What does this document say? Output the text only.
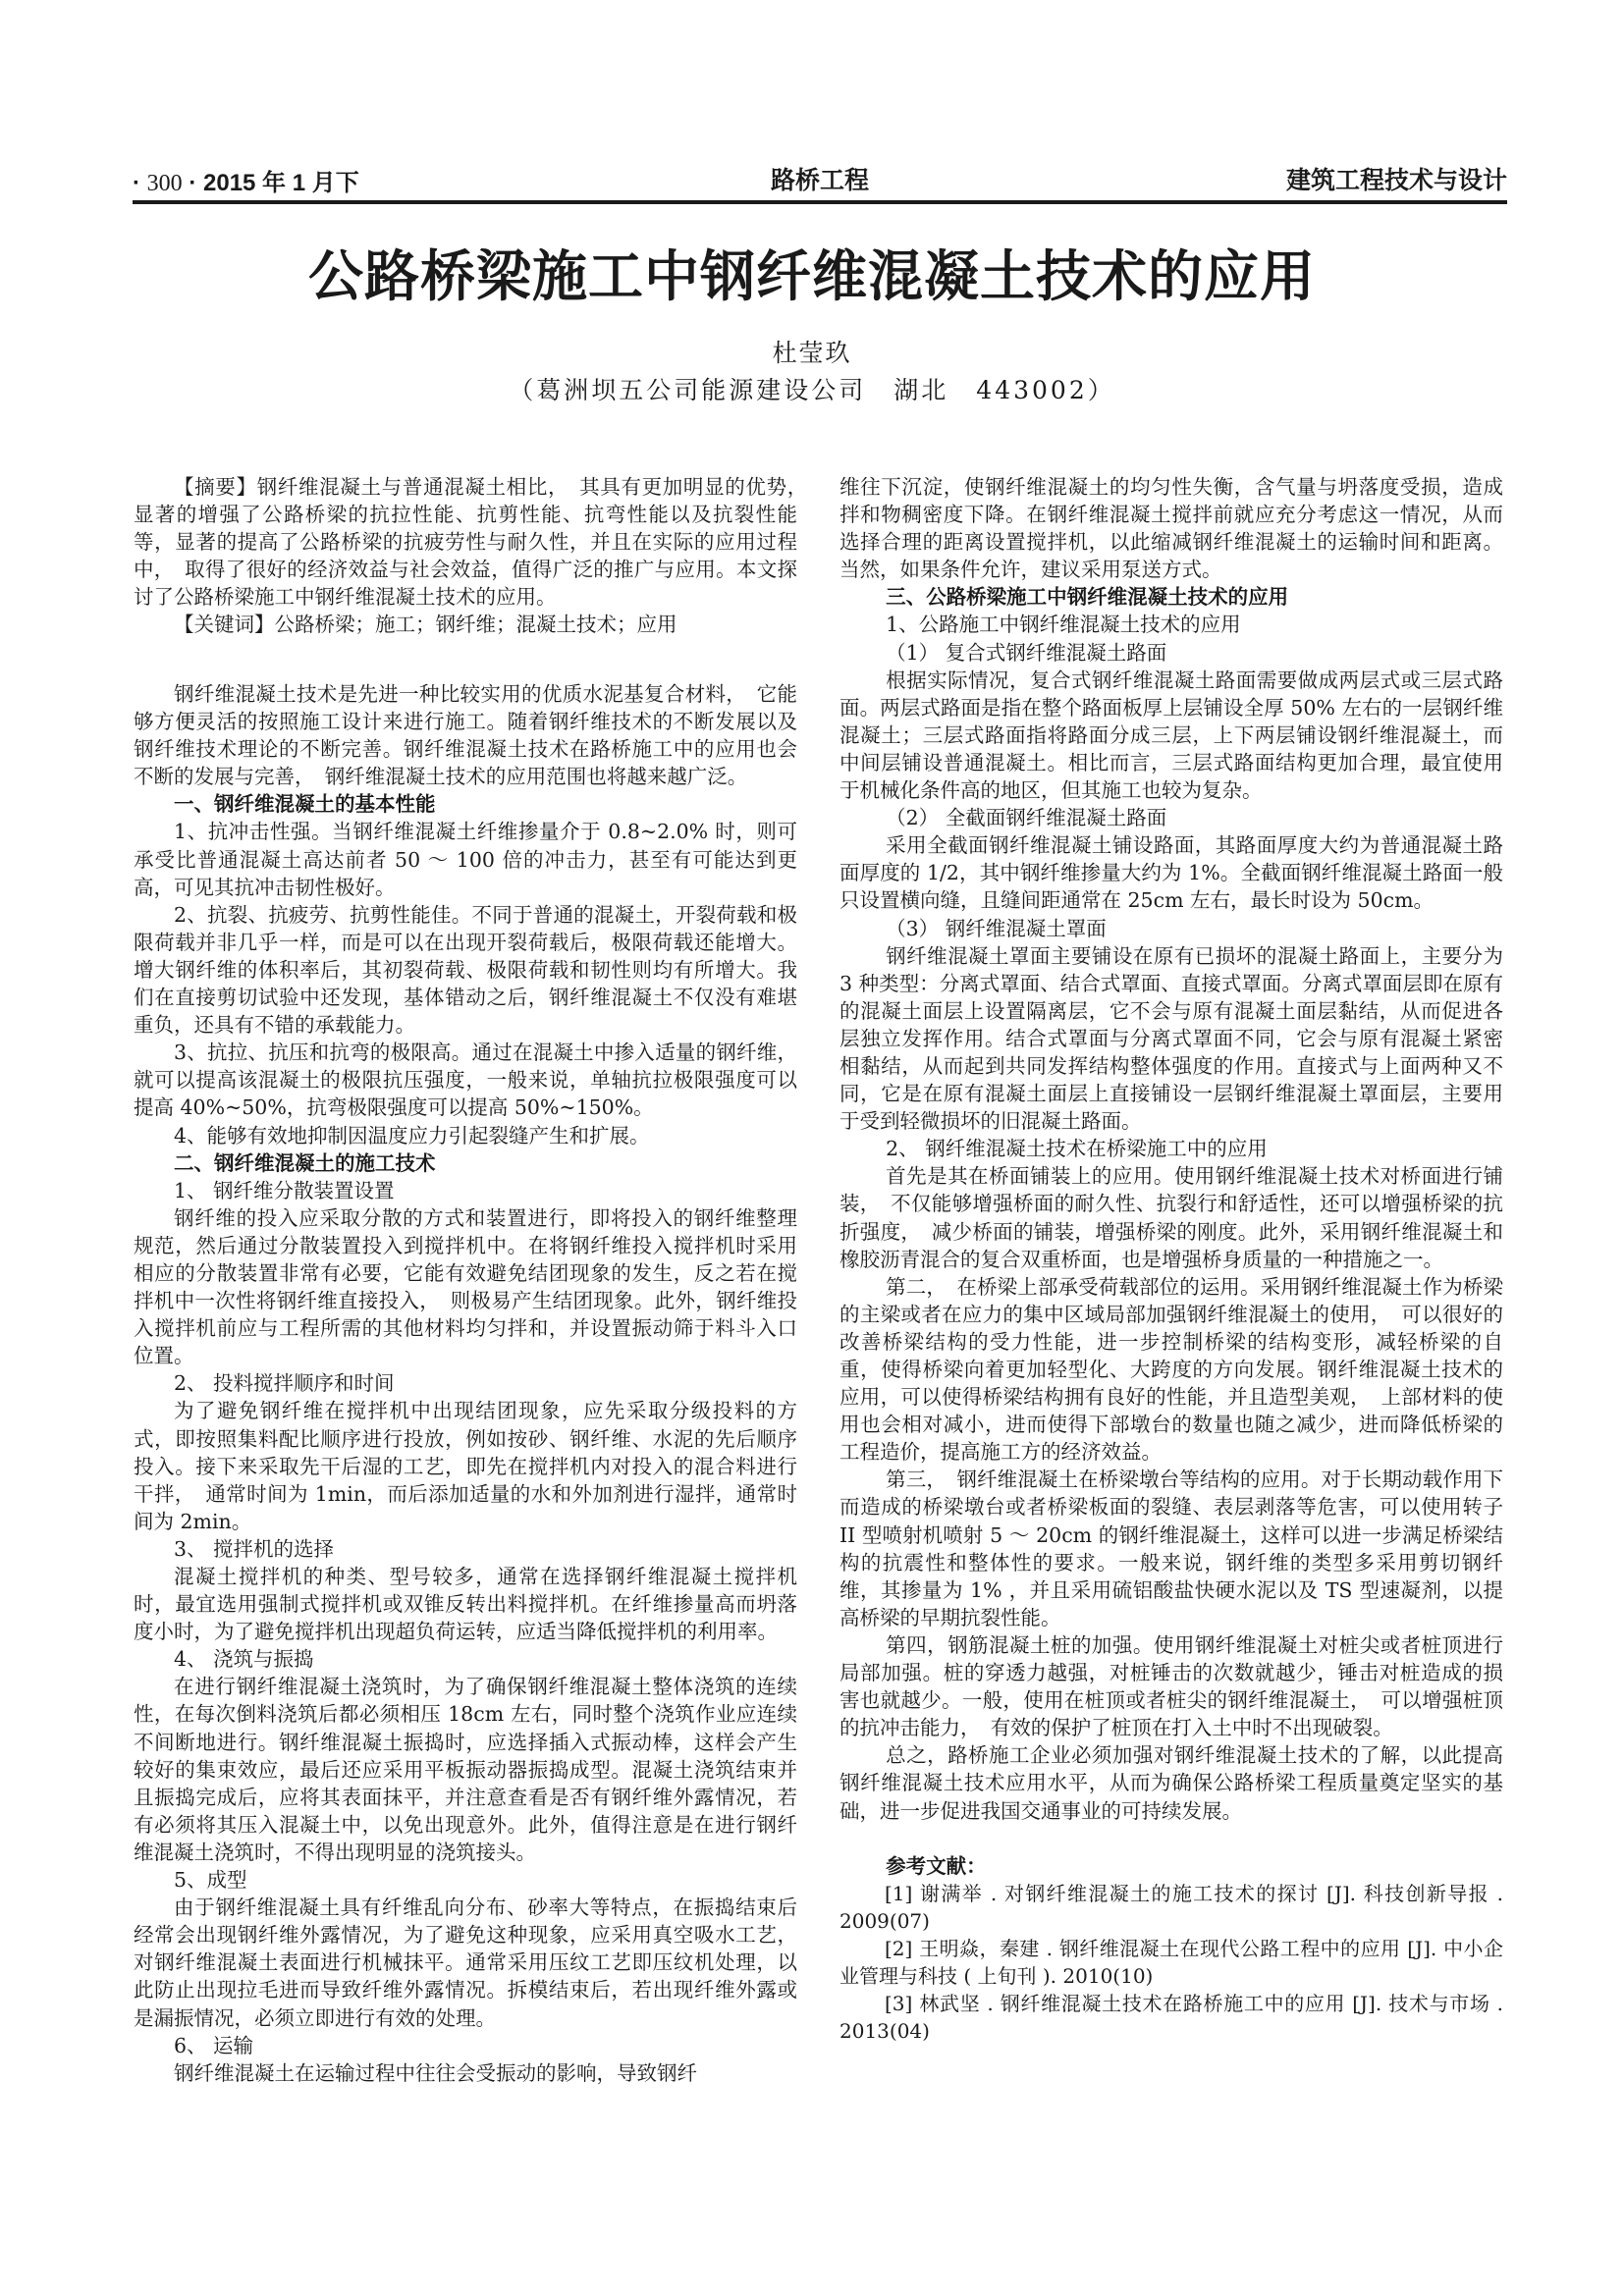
· 300 · 2015 年 1 月下	路桥工程	建筑工程技术与设计
公路桥梁施工中钢纤维混凝土技术的应用
杜莹玖
（葛洲坝五公司能源建设公司 湖北 443002）

【摘要】钢纤维混凝土与普通混凝土相比，　其具有更加明显的优势，　显著的增强了公路桥梁的抗拉性能、抗剪性能、抗弯性能以及抗裂性能等，显著的提高了公路桥梁的抗疲劳性与耐久性，并且在实际的应用过程中，　取得了很好的经济效益与社会效益，值得广泛的推广与应用。本文探讨了公路桥梁施工中钢纤维混凝土技术的应用。

【关键词】公路桥梁；施工；钢纤维；混凝土技术；应用

钢纤维混凝土技术是先进一种比较实用的优质水泥基复合材料，　它能够方便灵活的按照施工设计来进行施工。随着钢纤维技术的不断发展以及钢纤维技术理论的不断完善。钢纤维混凝土技术在路桥施工中的应用也会不断的发展与完善，　钢纤维混凝土技术的应用范围也将越来越广泛。

一、钢纤维混凝土的基本性能

1、抗冲击性强。当钢纤维混凝土纤维掺量介于 0.8~2.0% 时，则可承受比普通混凝土高达前者 50 ～ 100 倍的冲击力，甚至有可能达到更高，可见其抗冲击韧性极好。

2、抗裂、抗疲劳、抗剪性能佳。不同于普通的混凝土，开裂荷载和极限荷载并非几乎一样，而是可以在出现开裂荷载后，极限荷载还能增大。增大钢纤维的体积率后，其初裂荷载、极限荷载和韧性则均有所增大。我们在直接剪切试验中还发现，基体错动之后，钢纤维混凝土不仅没有难堪重负，还具有不错的承载能力。

3、抗拉、抗压和抗弯的极限高。通过在混凝土中掺入适量的钢纤维，就可以提高该混凝土的极限抗压强度，一般来说，单轴抗拉极限强度可以提高 40%~50%，抗弯极限强度可以提高 50%~150%。

4、能够有效地抑制因温度应力引起裂缝产生和扩展。

二、钢纤维混凝土的施工技术

1、 钢纤维分散装置设置

钢纤维的投入应采取分散的方式和装置进行，即将投入的钢纤维整理规范，然后通过分散装置投入到搅拌机中。在将钢纤维投入搅拌机时采用相应的分散装置非常有必要，它能有效避免结团现象的发生，反之若在搅拌机中一次性将钢纤维直接投入，　则极易产生结团现象。此外，钢纤维投入搅拌机前应与工程所需的其他材料均匀拌和，并设置振动筛于料斗入口位置。

2、 投料搅拌顺序和时间

为了避免钢纤维在搅拌机中出现结团现象，应先采取分级投料的方式，即按照集料配比顺序进行投放，例如按砂、钢纤维、水泥的先后顺序投入。接下来采取先干后湿的工艺，即先在搅拌机内对投入的混合料进行干拌，　通常时间为 1min，而后添加适量的水和外加剂进行湿拌，通常时间为 2min。

3、 搅拌机的选择

混凝土搅拌机的种类、型号较多，通常在选择钢纤维混凝土搅拌机时，最宜选用强制式搅拌机或双锥反转出料搅拌机。在纤维掺量高而坍落度小时，为了避免搅拌机出现超负荷运转，应适当降低搅拌机的利用率。

4、 浇筑与振捣

在进行钢纤维混凝土浇筑时，为了确保钢纤维混凝土整体浇筑的连续性，在每次倒料浇筑后都必须相压 18cm 左右，同时整个浇筑作业应连续不间断地进行。钢纤维混凝土振捣时，应选择插入式振动棒，这样会产生较好的集束效应，最后还应采用平板振动器振捣成型。混凝土浇筑结束并且振捣完成后，应将其表面抹平，并注意查看是否有钢纤维外露情况，若有必须将其压入混凝土中，以免出现意外。此外，值得注意是在进行钢纤维混凝土浇筑时，不得出现明显的浇筑接头。

5、成型

由于钢纤维混凝土具有纤维乱向分布、砂率大等特点，在振捣结束后经常会出现钢纤维外露情况，为了避免这种现象，应采用真空吸水工艺，对钢纤维混凝土表面进行机械抹平。通常采用压纹工艺即压纹机处理，以此防止出现拉毛进而导致纤维外露情况。拆模结束后，若出现纤维外露或是漏振情况，必须立即进行有效的处理。

6、 运输

钢纤维混凝土在运输过程中往往会受振动的影响，导致钢纤

维往下沉淀，使钢纤维混凝土的均匀性失衡，含气量与坍落度受损，造成拌和物稠密度下降。在钢纤维混凝土搅拌前就应充分考虑这一情况，从而选择合理的距离设置搅拌机，以此缩减钢纤维混凝土的运输时间和距离。当然，如果条件允许，建议采用泵送方式。

三、公路桥梁施工中钢纤维混凝土技术的应用

1、公路施工中钢纤维混凝土技术的应用

（1） 复合式钢纤维混凝土路面

根据实际情况，复合式钢纤维混凝土路面需要做成两层式或三层式路面。两层式路面是指在整个路面板厚上层铺设全厚 50% 左右的一层钢纤维混凝土；三层式路面指将路面分成三层，上下两层铺设钢纤维混凝土，而中间层铺设普通混凝土。相比而言，三层式路面结构更加合理，最宜使用于机械化条件高的地区，但其施工也较为复杂。

（2） 全截面钢纤维混凝土路面

采用全截面钢纤维混凝土铺设路面，其路面厚度大约为普通混凝土路面厚度的 1/2，其中钢纤维掺量大约为 1%。全截面钢纤维混凝土路面一般只设置横向缝，且缝间距通常在 25cm 左右，最长时设为 50cm。

（3） 钢纤维混凝土罩面

钢纤维混凝土罩面主要铺设在原有已损坏的混凝土路面上，主要分为 3 种类型：分离式罩面、结合式罩面、直接式罩面。分离式罩面层即在原有的混凝土面层上设置隔离层，它不会与原有混凝土面层黏结，从而促进各层独立发挥作用。结合式罩面与分离式罩面不同，它会与原有混凝土紧密相黏结，从而起到共同发挥结构整体强度的作用。直接式与上面两种又不同，它是在原有混凝土面层上直接铺设一层钢纤维混凝土罩面层，主要用于受到轻微损坏的旧混凝土路面。

2、 钢纤维混凝土技术在桥梁施工中的应用

首先是其在桥面铺装上的应用。使用钢纤维混凝土技术对桥面进行铺装，　不仅能够增强桥面的耐久性、抗裂行和舒适性，还可以增强桥梁的抗折强度，　减少桥面的铺装，增强桥梁的刚度。此外，采用钢纤维混凝土和橡胶沥青混合的复合双重桥面，也是增强桥身质量的一种措施之一。

第二，　在桥梁上部承受荷载部位的运用。采用钢纤维混凝土作为桥梁的主梁或者在应力的集中区域局部加强钢纤维混凝土的使用，　可以很好的改善桥梁结构的受力性能，进一步控制桥梁的结构变形，减轻桥梁的自重，使得桥梁向着更加轻型化、大跨度的方向发展。钢纤维混凝土技术的应用，可以使得桥梁结构拥有良好的性能，并且造型美观，　上部材料的使用也会相对减小，进而使得下部墩台的数量也随之减少，进而降低桥梁的工程造价，提高施工方的经济效益。

第三，　钢纤维混凝土在桥梁墩台等结构的应用。对于长期动载作用下而造成的桥梁墩台或者桥梁板面的裂缝、表层剥落等危害，可以使用转子 II 型喷射机喷射 5 ～ 20cm 的钢纤维混凝土，这样可以进一步满足桥梁结构的抗震性和整体性的要求。一般来说，钢纤维的类型多采用剪切钢纤维，其掺量为 1% ，并且采用硫铝酸盐快硬水泥以及 TS 型速凝剂，以提高桥梁的早期抗裂性能。

第四，钢筋混凝土桩的加强。使用钢纤维混凝土对桩尖或者桩顶进行局部加强。桩的穿透力越强，对桩锤击的次数就越少，锤击对桩造成的损害也就越少。一般，使用在桩顶或者桩尖的钢纤维混凝土，　可以增强桩顶的抗冲击能力，　有效的保护了桩顶在打入土中时不出现破裂。

总之，路桥施工企业必须加强对钢纤维混凝土技术的了解，以此提高钢纤维混凝土技术应用水平，从而为确保公路桥梁工程质量奠定坚实的基础，进一步促进我国交通事业的可持续发展。

参考文献：

[1] 谢满举 . 对钢纤维混凝土的施工技术的探讨 [J]. 科技创新导报 . 2009(07)

[2] 王明焱，秦建 . 钢纤维混凝土在现代公路工程中的应用 [J]. 中小企业管理与科技 ( 上旬刊 ). 2010(10)

[3] 林武坚 . 钢纤维混凝土技术在路桥施工中的应用 [J]. 技术与市场 . 2013(04)
